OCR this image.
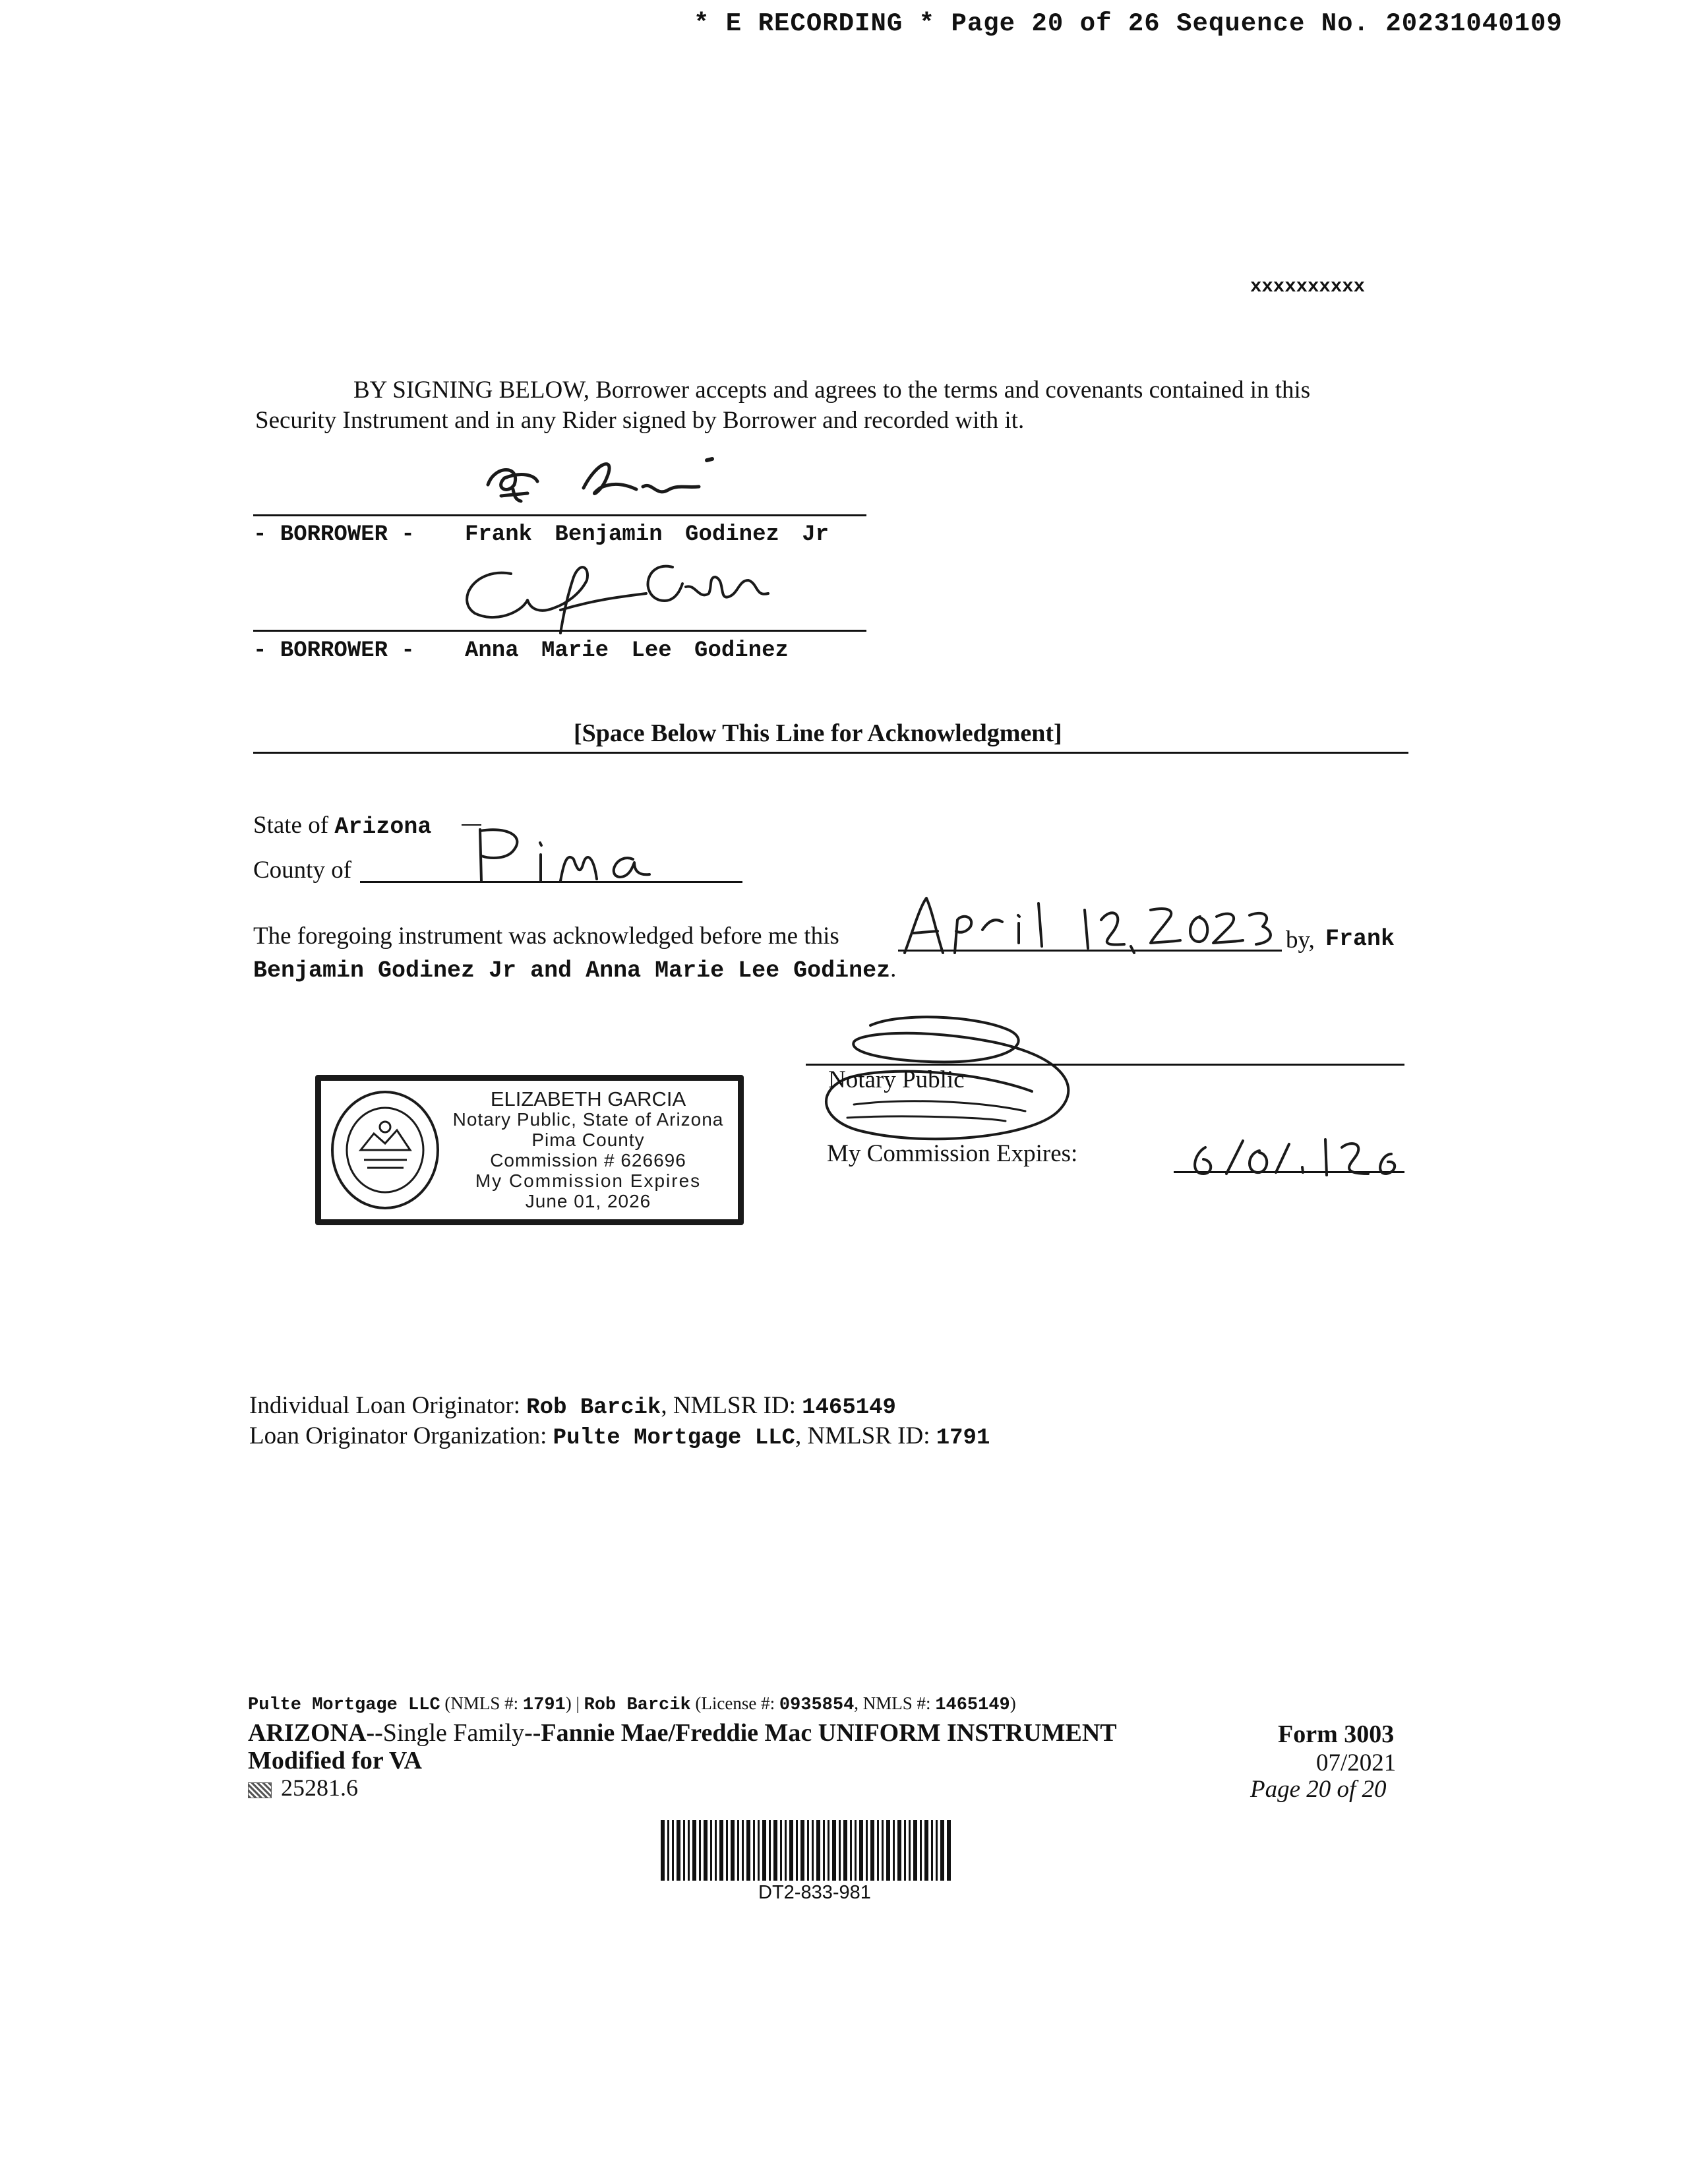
* E RECORDING * Page 20 of 26 Sequence No. 20231040109
xxxxxxxxxx
BY SIGNING BELOW, Borrower accepts and agrees to the terms and covenants contained in this
Security Instrument and in any Rider signed by Borrower and recorded with it.
- BORROWER - Frank Benjamin Godinez Jr
- BORROWER - Anna Marie Lee Godinez
[Space Below This Line for Acknowledgment]
State of Arizona
County of
The foregoing instrument was acknowledged before me this	by, Frank
Benjamin Godinez Jr and Anna Marie Lee Godinez.
Notary Public
My Commission Expires:
ELIZABETH GARCIA
Notary Public, State of Arizona
Pima County
Commission # 626696
My Commission Expires
June 01, 2026
Individual Loan Originator: Rob Barcik, NMLSR ID: 1465149
Loan Originator Organization: Pulte Mortgage LLC, NMLSR ID: 1791
Pulte Mortgage LLC (NMLS #: 1791) | Rob Barcik (License #: 0935854, NMLS #: 1465149)
ARIZONA--Single Family--Fannie Mae/Freddie Mac UNIFORM INSTRUMENT
Modified for VA
25281.6
Form 3003
07/2021
Page 20 of 20
DT2-833-981
